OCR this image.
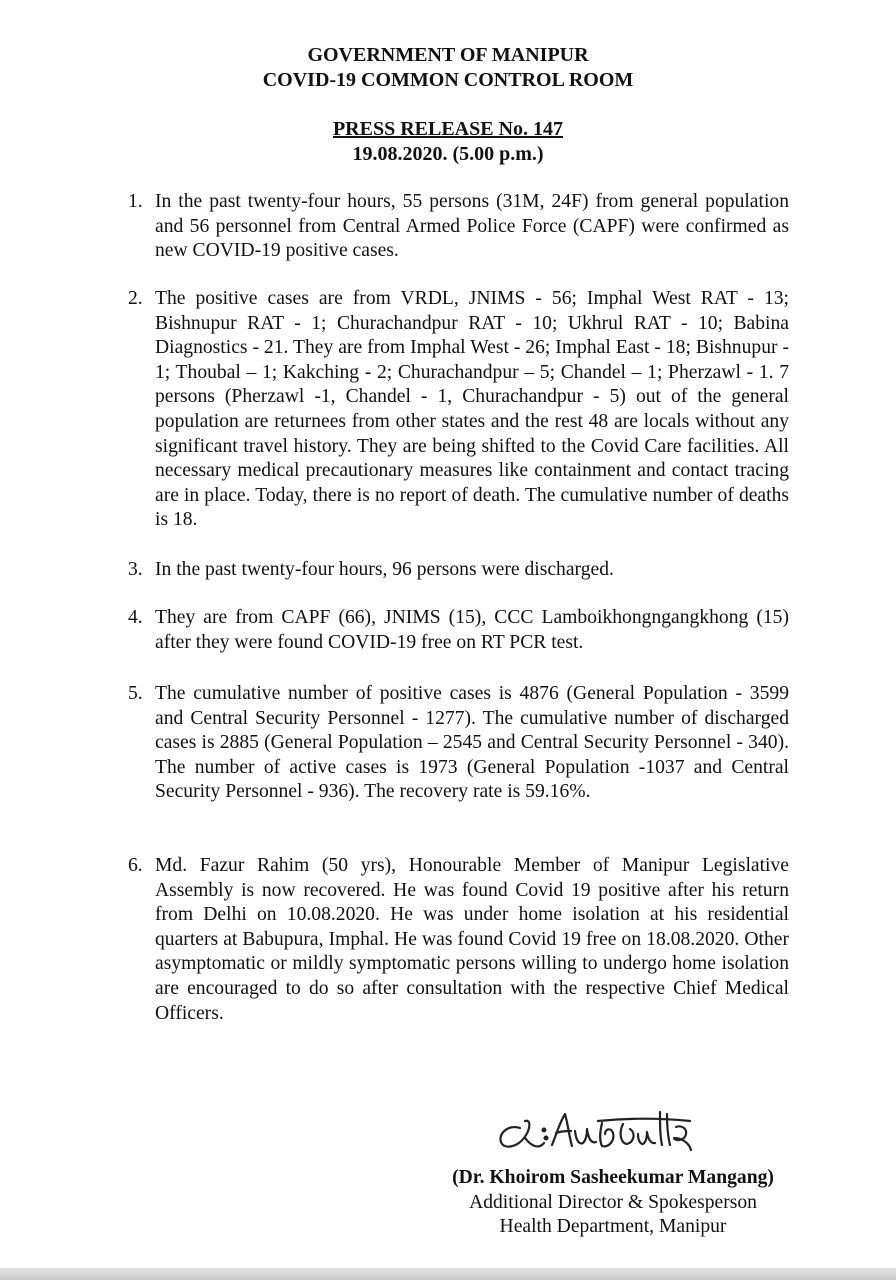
GOVERNMENT OF MANIPUR
COVID-19 COMMON CONTROL ROOM
PRESS RELEASE No. 147
19.08.2020. (5.00 p.m.)
1. In the past twenty-four hours, 55 persons (31M, 24F) from general population and 56 personnel from Central Armed Police Force (CAPF) were confirmed as new COVID-19 positive cases.
2. The positive cases are from VRDL, JNIMS - 56; Imphal West RAT - 13; Bishnupur RAT - 1; Churachandpur RAT - 10; Ukhrul RAT - 10; Babina Diagnostics - 21. They are from Imphal West - 26; Imphal East - 18; Bishnupur - 1; Thoubal – 1; Kakching - 2; Churachandpur – 5; Chandel – 1; Pherzawl - 1. 7 persons (Pherzawl -1, Chandel - 1, Churachandpur - 5) out of the general population are returnees from other states and the rest 48 are locals without any significant travel history. They are being shifted to the Covid Care facilities. All necessary medical precautionary measures like containment and contact tracing are in place. Today, there is no report of death. The cumulative number of deaths is 18.
3. In the past twenty-four hours, 96 persons were discharged.
4. They are from CAPF (66), JNIMS (15), CCC Lamboikhongngangkhong (15) after they were found COVID-19 free on RT PCR test.
5. The cumulative number of positive cases is 4876 (General Population - 3599 and Central Security Personnel - 1277). The cumulative number of discharged cases is 2885 (General Population – 2545 and Central Security Personnel - 340). The number of active cases is 1973 (General Population -1037 and Central Security Personnel - 936). The recovery rate is 59.16%.
6. Md. Fazur Rahim (50 yrs), Honourable Member of Manipur Legislative Assembly is now recovered. He was found Covid 19 positive after his return from Delhi on 10.08.2020. He was under home isolation at his residential quarters at Babupura, Imphal. He was found Covid 19 free on 18.08.2020. Other asymptomatic or mildly symptomatic persons willing to undergo home isolation are encouraged to do so after consultation with the respective Chief Medical Officers.
(Dr. Khoirom Sasheekumar Mangang)
Additional Director & Spokesperson
Health Department, Manipur
